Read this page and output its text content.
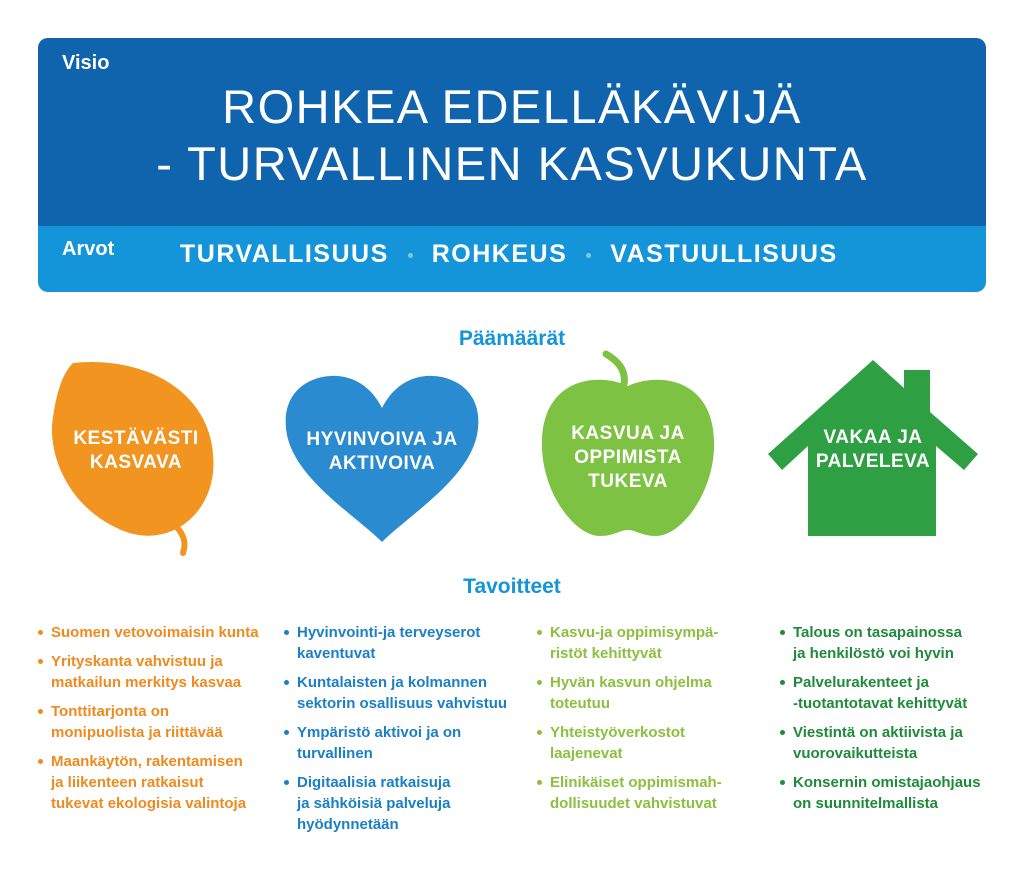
Visio
ROHKEA EDELLÄKÄVIJÄ
- TURVALLINEN KASVUKUNTA
Arvot	TURVALLISUUS ROHKEUS VASTUULLISUUS
Päämäärät
KESTÄVÄSTI
KASVAVA
HYVINVOIVA JA
AKTIVOIVA
KASVUA JA
OPPIMISTA
TUKEVA
VAKAA JA
PALVELEVA
Tavoitteet
Suomen vetovoimaisin kunta
Yrityskanta vahvistuu ja
matkailun merkitys kasvaa
Tonttitarjonta on
monipuolista ja riittävää
Maankäytön, rakentamisen
ja liikenteen ratkaisut
tukevat ekologisia valintoja
Hyvinvointi-ja terveyserot
kaventuvat
Kuntalaisten ja kolmannen
sektorin osallisuus vahvistuu
Ympäristö aktivoi ja on
turvallinen
Digitaalisia ratkaisuja
ja sähköisiä palveluja
hyödynnetään
Kasvu-ja oppimisympä-
ristöt kehittyvät
Hyvän kasvun ohjelma
toteutuu
Yhteistyöverkostot
laajenevat
Elinikäiset oppimismah-
dollisuudet vahvistuvat
Talous on tasapainossa
ja henkilöstö voi hyvin
Palvelurakenteet ja
-tuotantotavat kehittyvät
Viestintä on aktiivista ja
vuorovaikutteista
Konsernin omistajaohjaus
on suunnitelmallista
